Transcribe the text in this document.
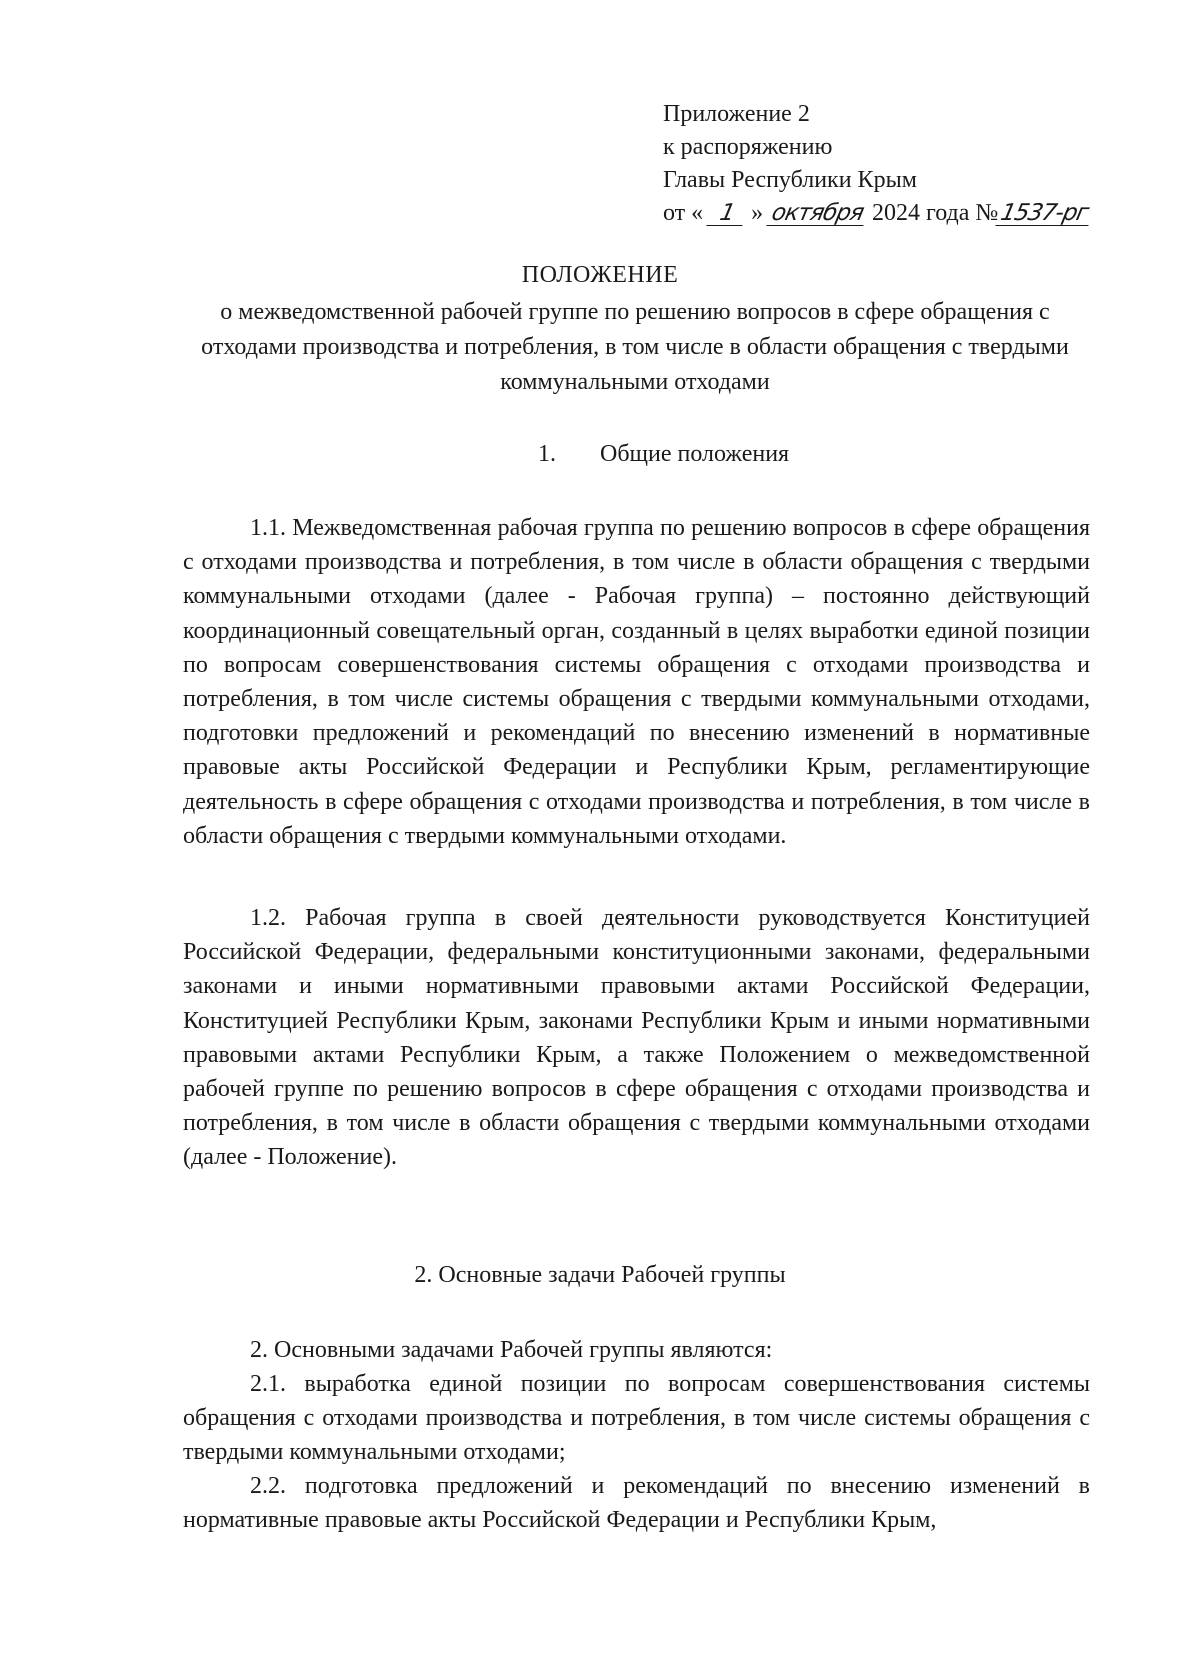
Приложение 2
к распоряжению
Главы Республики Крым
от « 1 » октября 2024 года №1537-рг
ПОЛОЖЕНИЕ
о межведомственной рабочей группе по решению вопросов в сфере обращения с отходами производства и потребления, в том числе в области обращения с твердыми коммунальными отходами
1. Общие положения

1.1. Межведомственная рабочая группа по решению вопросов в сфере обращения с отходами производства и потребления, в том числе в области обращения с твердыми коммунальными отходами (далее - Рабочая группа) – постоянно действующий координационный совещательный орган, созданный в целях выработки единой позиции по вопросам совершенствования системы обращения с отходами производства и потребления, в том числе системы обращения с твердыми коммунальными отходами, подготовки предложений и рекомендаций по внесению изменений в нормативные правовые акты Российской Федерации и Республики Крым, регламентирующие деятельность в сфере обращения с отходами производства и потребления, в том числе в области обращения с твердыми коммунальными отходами.

1.2. Рабочая группа в своей деятельности руководствуется Конституцией Российской Федерации, федеральными конституционными законами, федеральными законами и иными нормативными правовыми актами Российской Федерации, Конституцией Республики Крым, законами Республики Крым и иными нормативными правовыми актами Республики Крым, а также Положением о межведомственной рабочей группе по решению вопросов в сфере обращения с отходами производства и потребления, в том числе в области обращения с твердыми коммунальными отходами (далее - Положение).

2. Основные задачи Рабочей группы

2. Основными задачами Рабочей группы являются:

2.1. выработка единой позиции по вопросам совершенствования системы обращения с отходами производства и потребления, в том числе системы обращения с твердыми коммунальными отходами;

2.2. подготовка предложений и рекомендаций по внесению изменений в нормативные правовые акты Российской Федерации и Республики Крым,
